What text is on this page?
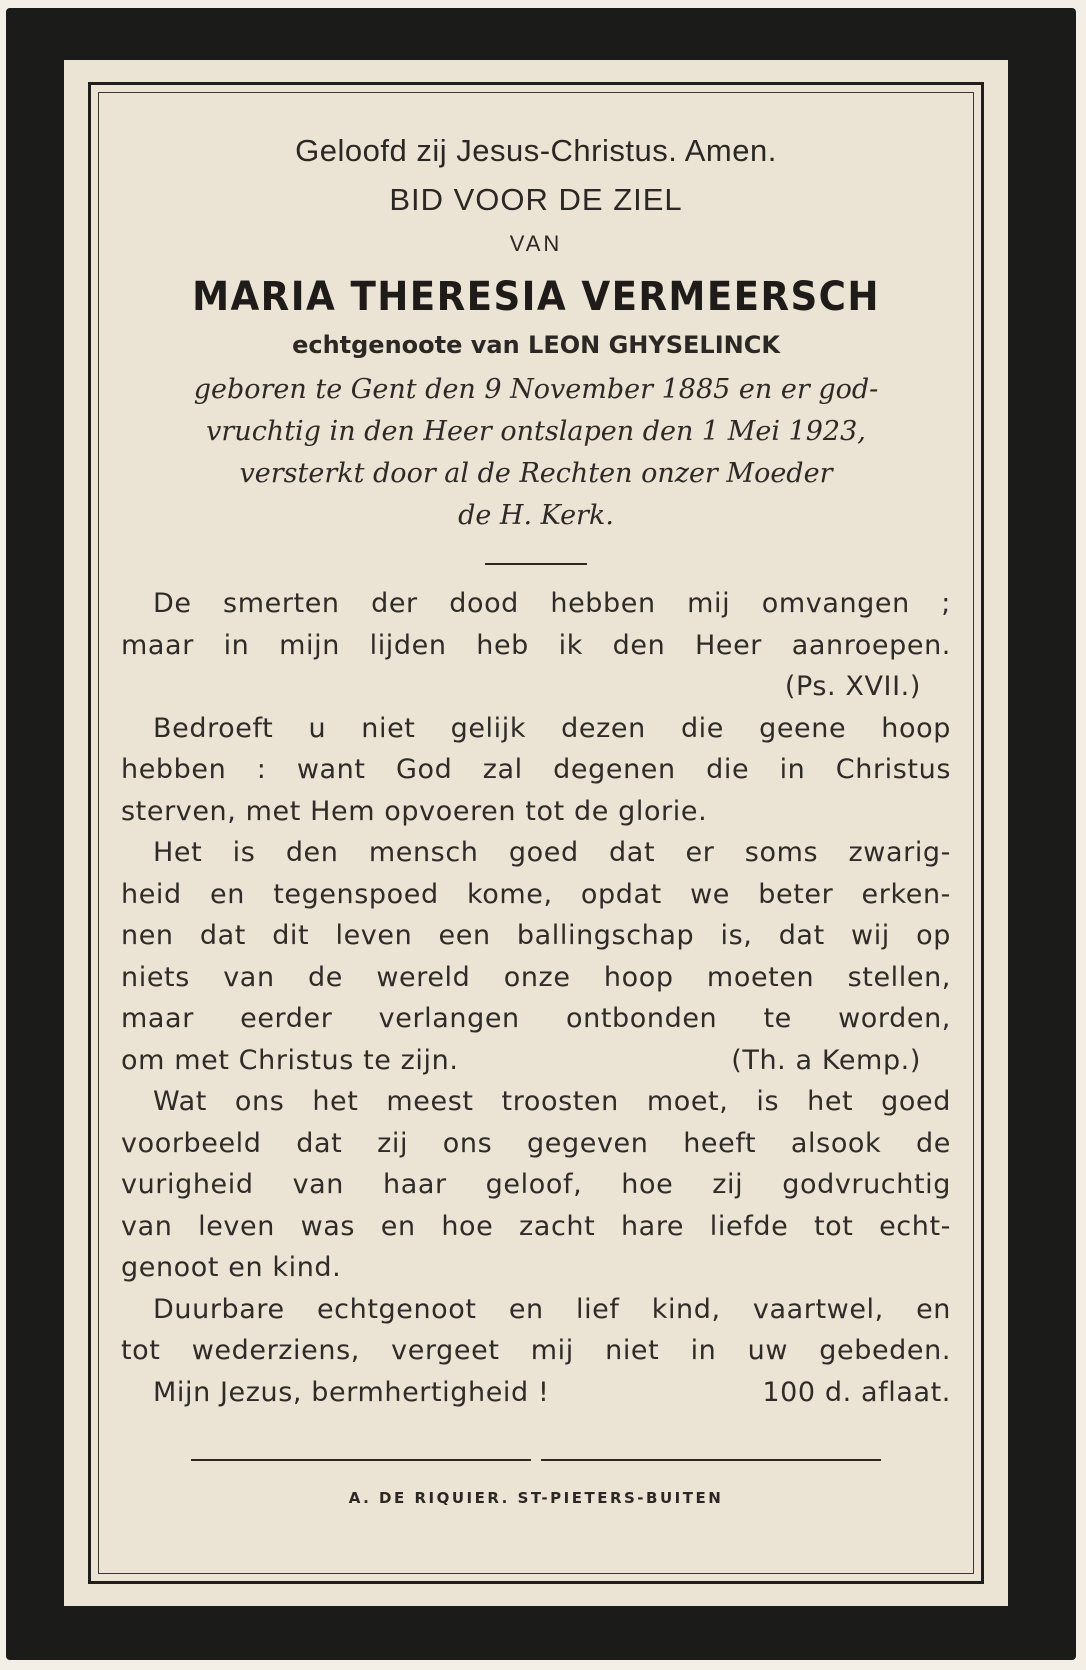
Geloofd zij Jesus-Christus. Amen.

BID VOOR DE ZIEL

VAN

MARIA THERESIA VERMEERSCH
echtgenoote van LEON GHYSELINCK
geboren te Gent den 9 November 1885 en er god-
vruchtig in den Heer ontslapen den 1 Mei 1923,
versterkt door al de Rechten onzer Moeder
de H. Kerk.
De smerten der dood hebben mij omvangen ;
maar in mijn lijden heb ik den Heer aanroepen.
(Ps. XVII.)
Bedroeft u niet gelijk dezen die geene hoop
hebben : want God zal degenen die in Christus
sterven, met Hem opvoeren tot de glorie.
Het is den mensch goed dat er soms zwarig-
heid en tegenspoed kome, opdat we beter erken-
nen dat dit leven een ballingschap is, dat wij op
niets van de wereld onze hoop moeten stellen,
maar eerder verlangen ontbonden te worden,
om met Christus te zijn.	(Th. a Kemp.)
Wat ons het meest troosten moet, is het goed
voorbeeld dat zij ons gegeven heeft alsook de
vurigheid van haar geloof, hoe zij godvruchtig
van leven was en hoe zacht hare liefde tot echt-
genoot en kind.
Duurbare echtgenoot en lief kind, vaartwel, en
tot wederziens, vergeet mij niet in uw gebeden.
Mijn Jezus, bermhertigheid !	100 d. aflaat.
A. DE RIQUIER. ST-PIETERS-BUITEN
